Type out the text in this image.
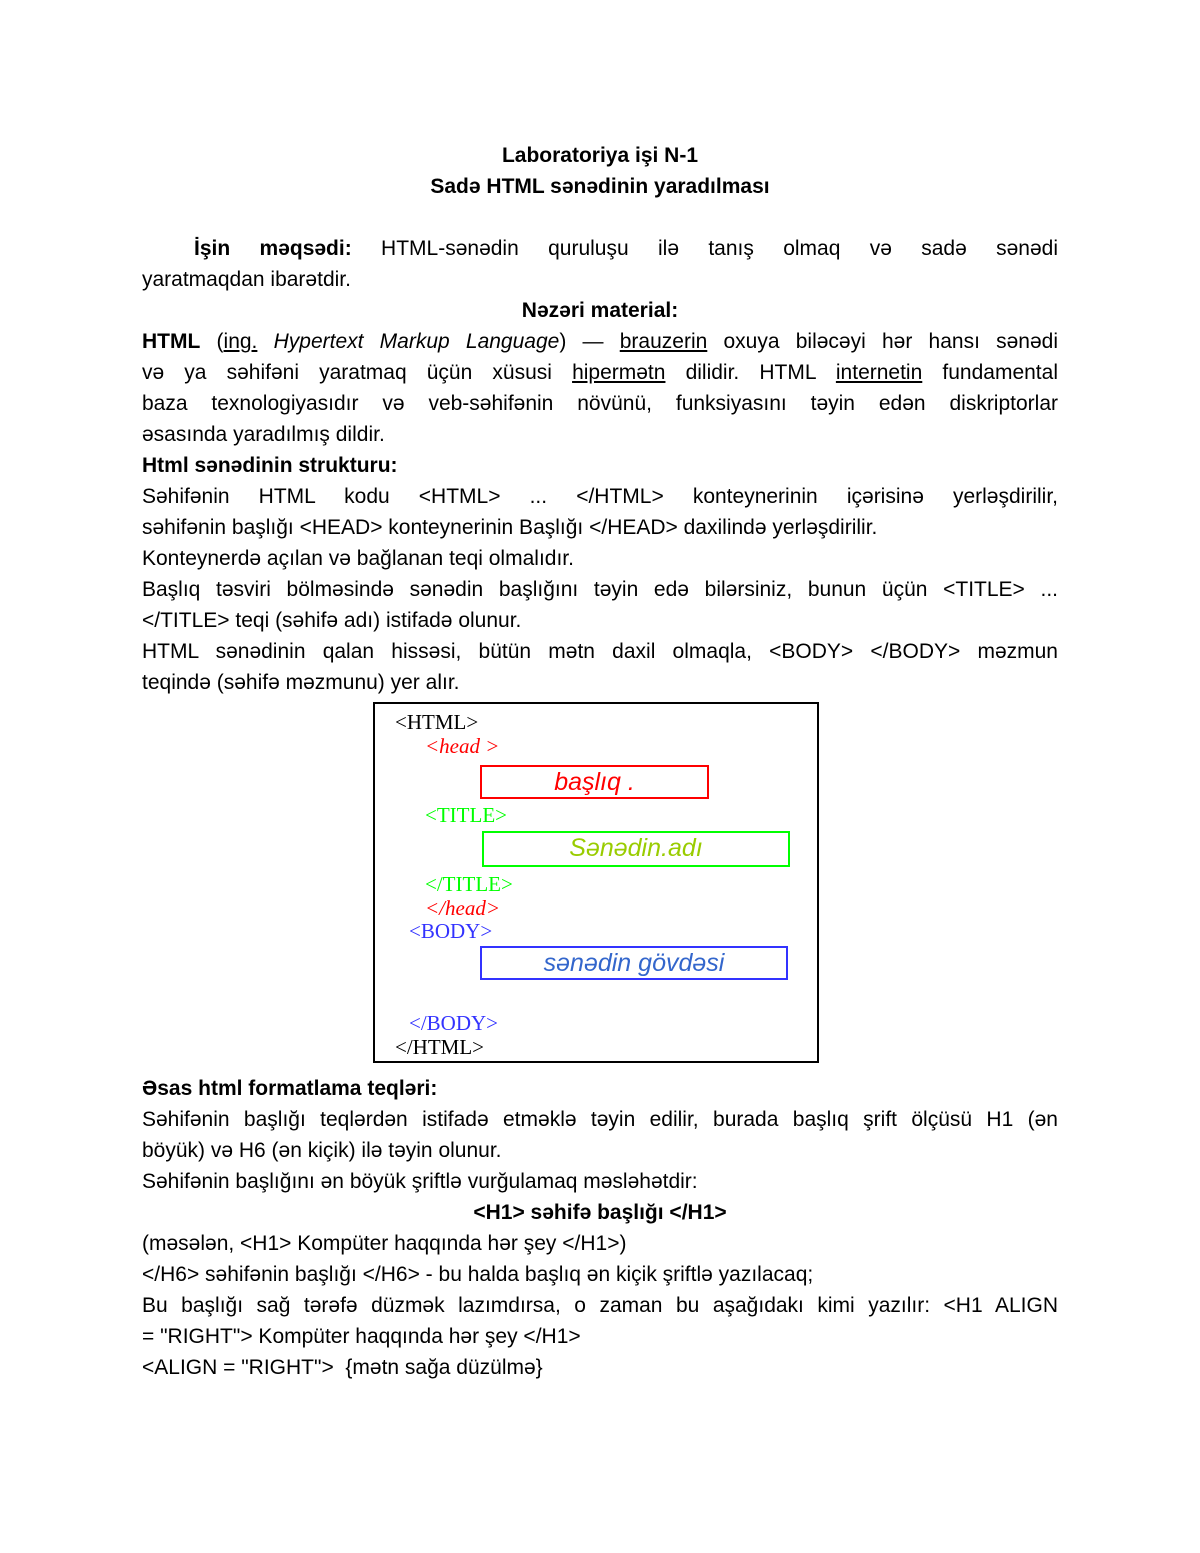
Laboratoriya işi N-1

Sadə HTML sənədinin yaradılması

İşin məqsədi: HTML-sənədin quruluşu ilə tanış olmaq və sadə sənədi

yaratmaqdan ibarətdir.

Nəzəri material:

HTML (ing. Hypertext Markup Language) — brauzerin oxuya biləcəyi hər hansı sənədi

və ya səhifəni yaratmaq üçün xüsusi hipermətn dilidir. HTML internetin fundamental

baza texnologiyasıdır və veb-səhifənin növünü, funksiyasını təyin edən diskriptorlar

əsasında yaradılmış dildir.

Html sənədinin strukturu:

Səhifənin HTML kodu <HTML> ... </HTML> konteynerinin içərisinə yerləşdirilir,

səhifənin başlığı <HEAD> konteynerinin Başlığı </HEAD> daxilində yerləşdirilir.

Konteynerdə açılan və bağlanan teqi olmalıdır.

Başlıq təsviri bölməsində sənədin başlığını təyin edə bilərsiniz, bunun üçün <TITLE> ...

</TITLE> teqi (səhifə adı) istifadə olunur.

HTML sənədinin qalan hissəsi, bütün mətn daxil olmaqla, <BODY> </BODY> məzmun

teqində (səhifə məzmunu) yer alır.

<HTML>
<head >
başlıq .
<TITLE>
Sənədin.adı
</TITLE>
</head>
<BODY>
sənədin gövdəsi
</BODY>
</HTML>

Əsas html formatlama teqləri:

Səhifənin başlığı teqlərdən istifadə etməklə təyin edilir, burada başlıq şrift ölçüsü H1 (ən

böyük) və H6 (ən kiçik) ilə təyin olunur.

Səhifənin başlığını ən böyük şriftlə vurğulamaq məsləhətdir:

<H1> səhifə başlığı </H1>

(məsələn, <H1> Kompüter haqqında hər şey </H1>)

</H6> səhifənin başlığı </H6> - bu halda başlıq ən kiçik şriftlə yazılacaq;

Bu başlığı sağ tərəfə düzmək lazımdırsa, o zaman bu aşağıdakı kimi yazılır: <H1 ALIGN

= "RIGHT"> Kompüter haqqında hər şey </H1>

<ALIGN = "RIGHT">  {mətn sağa düzülmə}
